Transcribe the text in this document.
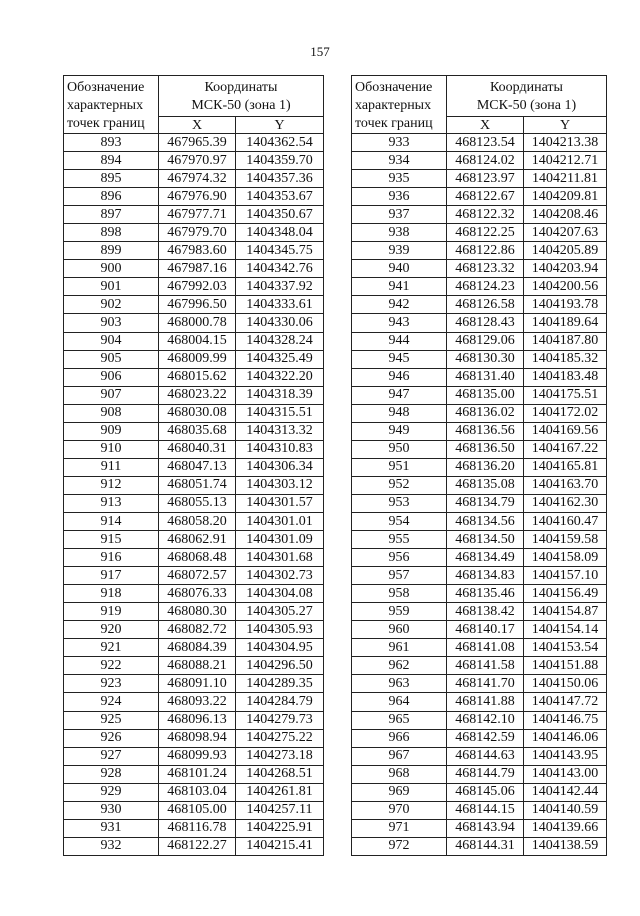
157
Обозначение
характерных
точек границ	Координаты
МСК-50 (зона 1)	
	X	Y
893	467965.39	1404362.54
894	467970.97	1404359.70
895	467974.32	1404357.36
896	467976.90	1404353.67
897	467977.71	1404350.67
898	467979.70	1404348.04
899	467983.60	1404345.75
900	467987.16	1404342.76
901	467992.03	1404337.92
902	467996.50	1404333.61
903	468000.78	1404330.06
904	468004.15	1404328.24
905	468009.99	1404325.49
906	468015.62	1404322.20
907	468023.22	1404318.39
908	468030.08	1404315.51
909	468035.68	1404313.32
910	468040.31	1404310.83
911	468047.13	1404306.34
912	468051.74	1404303.12
913	468055.13	1404301.57
914	468058.20	1404301.01
915	468062.91	1404301.09
916	468068.48	1404301.68
917	468072.57	1404302.73
918	468076.33	1404304.08
919	468080.30	1404305.27
920	468082.72	1404305.93
921	468084.39	1404304.95
922	468088.21	1404296.50
923	468091.10	1404289.35
924	468093.22	1404284.79
925	468096.13	1404279.73
926	468098.94	1404275.22
927	468099.93	1404273.18
928	468101.24	1404268.51
929	468103.04	1404261.81
930	468105.00	1404257.11
931	468116.78	1404225.91
932	468122.27	1404215.41
Обозначение
характерных
точек границ	Координаты
МСК-50 (зона 1)	
	X	Y
933	468123.54	1404213.38
934	468124.02	1404212.71
935	468123.97	1404211.81
936	468122.67	1404209.81
937	468122.32	1404208.46
938	468122.25	1404207.63
939	468122.86	1404205.89
940	468123.32	1404203.94
941	468124.23	1404200.56
942	468126.58	1404193.78
943	468128.43	1404189.64
944	468129.06	1404187.80
945	468130.30	1404185.32
946	468131.40	1404183.48
947	468135.00	1404175.51
948	468136.02	1404172.02
949	468136.56	1404169.56
950	468136.50	1404167.22
951	468136.20	1404165.81
952	468135.08	1404163.70
953	468134.79	1404162.30
954	468134.56	1404160.47
955	468134.50	1404159.58
956	468134.49	1404158.09
957	468134.83	1404157.10
958	468135.46	1404156.49
959	468138.42	1404154.87
960	468140.17	1404154.14
961	468141.08	1404153.54
962	468141.58	1404151.88
963	468141.70	1404150.06
964	468141.88	1404147.72
965	468142.10	1404146.75
966	468142.59	1404146.06
967	468144.63	1404143.95
968	468144.79	1404143.00
969	468145.06	1404142.44
970	468144.15	1404140.59
971	468143.94	1404139.66
972	468144.31	1404138.59
